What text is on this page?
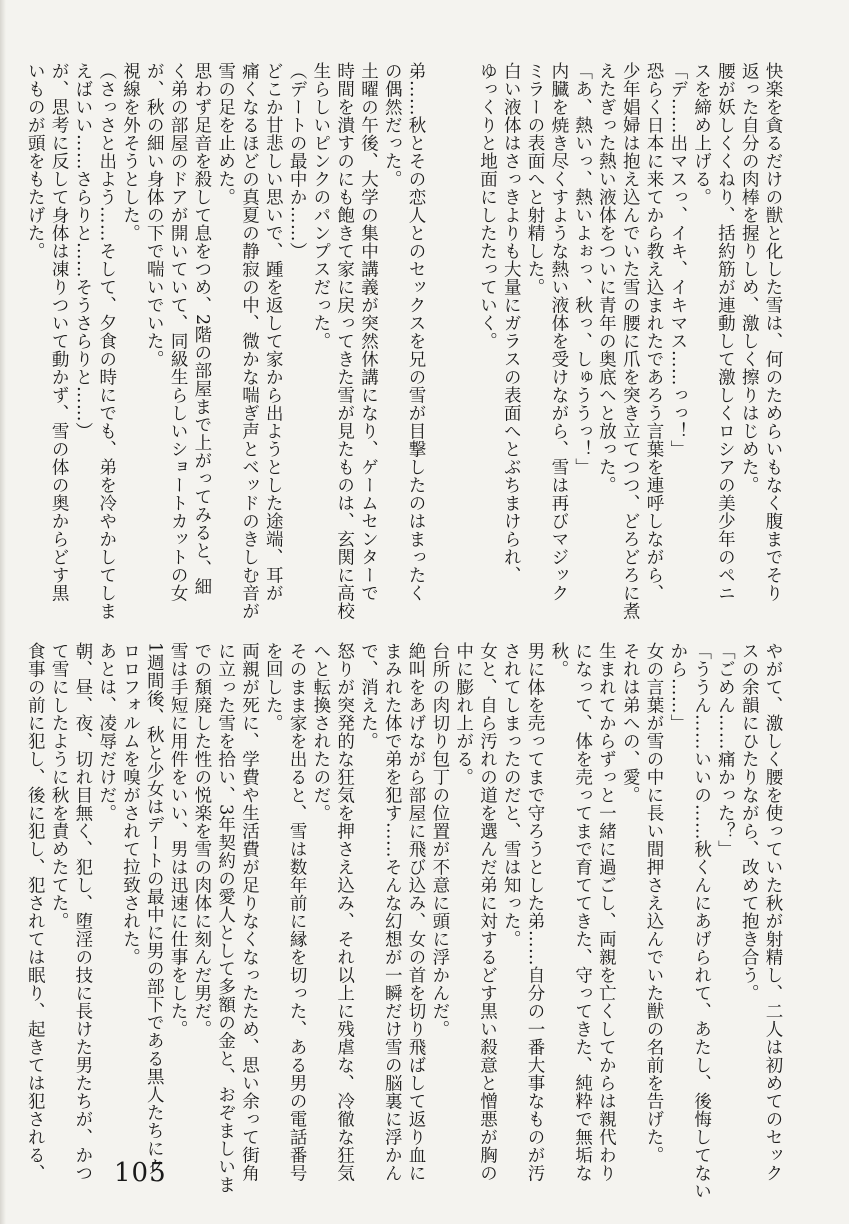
快楽を貪るだけの獣と化した雪は、何のためらいもなく腹までそり
返った自分の肉棒を握りしめ、激しく擦りはじめた。
腰が妖しくくねり、括約筋が連動して激しくロシアの美少年のペニ
スを締め上げる。
「デ……出マスっ、イキ、イキマス……っっ！」
恐らく日本に来てから教え込まれたであろう言葉を連呼しながら、
少年娼婦は抱え込んでいた雪の腰に爪を突き立てつつ、どろどろに煮
えたぎった熱い液体をついに青年の奥底へと放った。
「あ、熱いっ、熱いよぉっ、秋っ、しゅううっ！」
内臓を焼き尽くすような熱い液体を受けながら、雪は再びマジック
ミラーの表面へと射精した。
白い液体はさっきよりも大量にガラスの表面へとぶちまけられ、
ゆっくりと地面にしたたっていく。

弟……秋とその恋人とのセックスを兄の雪が目撃したのはまったく
の偶然だった。
土曜の午後、大学の集中講義が突然休講になり、ゲームセンターで
時間を潰すのにも飽きて家に戻ってきた雪が見たものは、玄関に高校
生らしいピンクのパンプスだった。
（デートの最中か……）
どこか甘悲しい思いで、踵を返して家から出ようとした途端、耳が
痛くなるほどの真夏の静寂の中、微かな喘ぎ声とベッドのきしむ音が
雪の足を止めた。
思わず足音を殺して息をつめ、2階の部屋まで上がってみると、細
く弟の部屋のドアが開いていて、同級生らしいショートカットの女
が、秋の細い身体の下で喘いでいた。
視線を外そうとした。
（さっさと出よう……そして、夕食の時にでも、弟を冷やかしてしま
えばいい……さらりと……そうさらりと……）
が、思考に反して身体は凍りついて動かず、雪の体の奥からどす黒
いものが頭をもたげた。
やがて、激しく腰を使っていた秋が射精し、二人は初めてのセック
スの余韻にひたりながら、改めて抱き合う。
「ごめん……痛かった？」
「ううん……いいの……秋くんにあげられて、あたし、後悔してない
から……」
女の言葉が雪の中に長い間押さえ込んでいた獣の名前を告げた。
それは弟への、愛。
生まれてからずっと一緒に過ごし、両親を亡くしてからは親代わり
になって、体を売ってまで育ててきた、守ってきた、純粋で無垢な
秋。
男に体を売ってまで守ろうとした弟……自分の一番大事なものが汚
されてしまったのだと、雪は知った。
女と、自ら汚れの道を選んだ弟に対するどす黒い殺意と憎悪が胸の
中に膨れ上がる。
台所の肉切り包丁の位置が不意に頭に浮かんだ。
絶叫をあげながら部屋に飛び込み、女の首を切り飛ばして返り血に
まみれた体で弟を犯す……そんな幻想が一瞬だけ雪の脳裏に浮かん
で、消えた。
怒りが突発的な狂気を押さえ込み、それ以上に残虐な、冷徹な狂気
へと転換されたのだ。
そのまま家を出ると、雪は数年前に縁を切った、ある男の電話番号
を回した。
両親が死に、学費や生活費が足りなくなったため、思い余って街角
に立った雪を拾い、3年契約の愛人として多額の金と、おぞましいま
での頽廃した性の悦楽を雪の肉体に刻んだ男だ。
雪は手短に用件をいい、男は迅速に仕事をした。
1週間後、秋と少女はデートの最中に男の部下である黒人たちにク
ロロフォルムを嗅がされて拉致された。
あとは、凌辱だけだ。
朝、昼、夜、切れ目無く、犯し、堕淫の技に長けた男たちが、かつ
て雪にしたように秋を責めたてた。
食事の前に犯し、後に犯し、犯されては眠り、起きては犯される、	105
